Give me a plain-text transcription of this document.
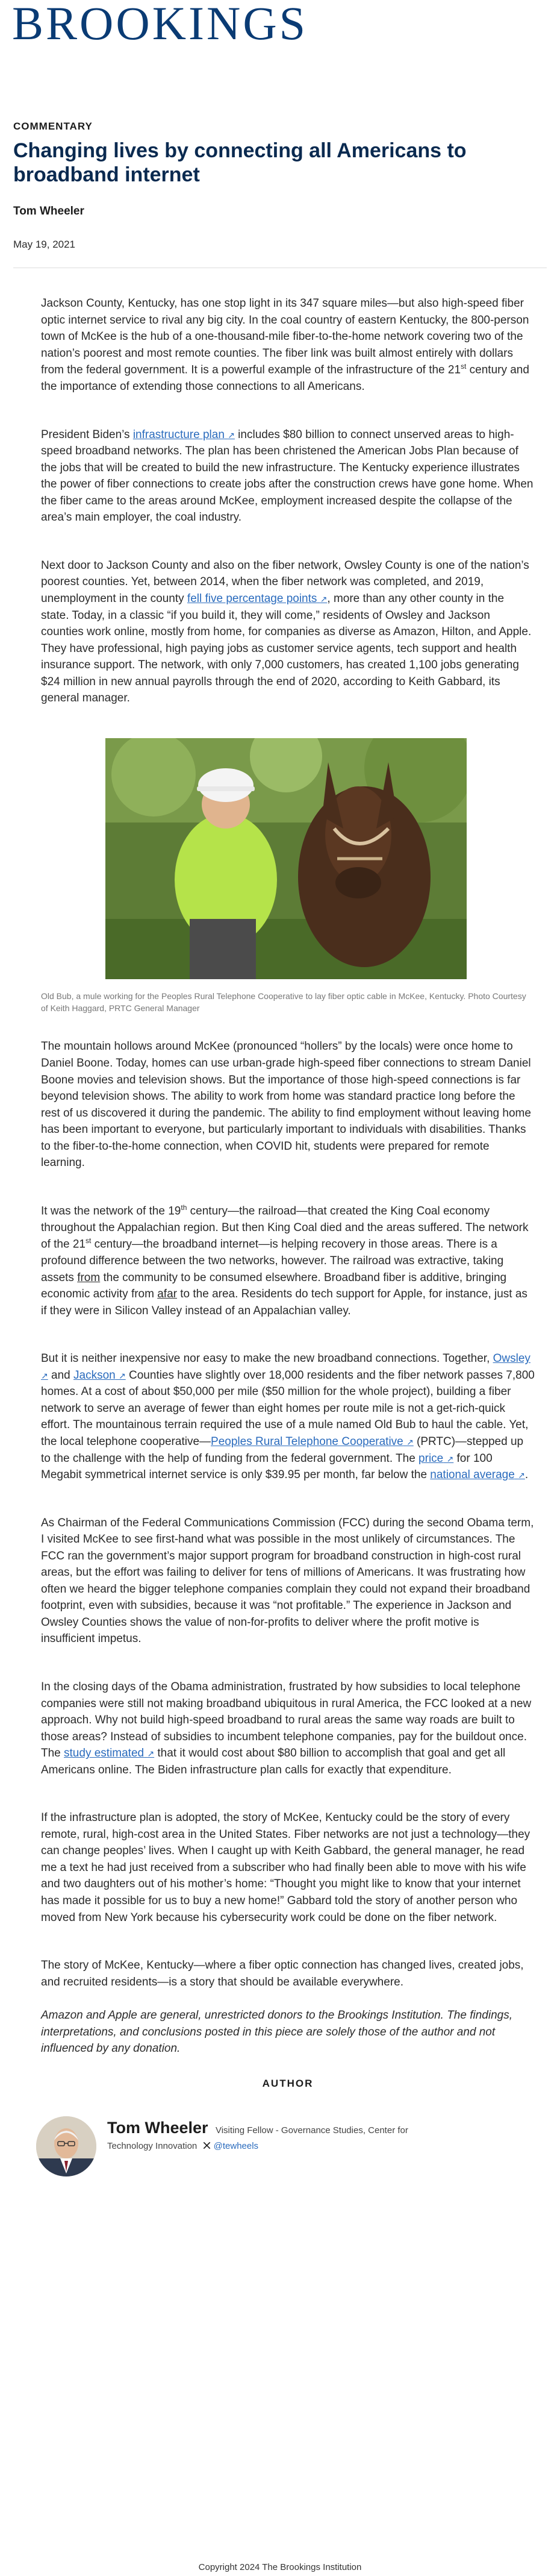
BROOKINGS
COMMENTARY
Changing lives by connecting all Americans to broadband internet
Tom Wheeler
May 19, 2021

Jackson County, Kentucky, has one stop light in its 347 square miles—but also high-speed fiber optic internet service to rival any big city. In the coal country of eastern Kentucky, the 800-person town of McKee is the hub of a one-thousand-mile fiber-to-the-home network covering two of the nation’s poorest and most remote counties. The fiber link was built almost entirely with dollars from the federal government. It is a powerful example of the infrastructure of the 21st century and the importance of extending those connections to all Americans.

President Biden’s infrastructure plan ↗ includes $80 billion to connect unserved areas to high-speed broadband networks. The plan has been christened the American Jobs Plan because of the jobs that will be created to build the new infrastructure. The Kentucky experience illustrates the power of fiber connections to create jobs after the construction crews have gone home. When the fiber came to the areas around McKee, employment increased despite the collapse of the area’s main employer, the coal industry.

Next door to Jackson County and also on the fiber network, Owsley County is one of the nation’s poorest counties. Yet, between 2014, when the fiber network was completed, and 2019, unemployment in the county fell five percentage points ↗, more than any other county in the state. Today, in a classic “if you build it, they will come,” residents of Owsley and Jackson counties work online, mostly from home, for companies as diverse as Amazon, Hilton, and Apple. They have professional, high paying jobs as customer service agents, tech support and health insurance support. The network, with only 7,000 customers, has created 1,100 jobs generating $24 million in new annual payrolls through the end of 2020, according to Keith Gabbard, its general manager.

Old Bub, a mule working for the Peoples Rural Telephone Cooperative to lay fiber optic cable in McKee, Kentucky. Photo Courtesy of Keith Haggard, PRTC General Manager

The mountain hollows around McKee (pronounced “hollers” by the locals) were once home to Daniel Boone. Today, homes can use urban-grade high-speed fiber connections to stream Daniel Boone movies and television shows. But the importance of those high-speed connections is far beyond television shows. The ability to work from home was standard practice long before the rest of us discovered it during the pandemic. The ability to find employment without leaving home has been important to everyone, but particularly important to individuals with disabilities. Thanks to the fiber-to-the-home connection, when COVID hit, students were prepared for remote learning.

It was the network of the 19th century—the railroad—that created the King Coal economy throughout the Appalachian region. But then King Coal died and the areas suffered. The network of the 21st century—the broadband internet—is helping recovery in those areas. There is a profound difference between the two networks, however. The railroad was extractive, taking assets from the community to be consumed elsewhere. Broadband fiber is additive, bringing economic activity from afar to the area. Residents do tech support for Apple, for instance, just as if they were in Silicon Valley instead of an Appalachian valley.

But it is neither inexpensive nor easy to make the new broadband connections. Together, Owsley ↗ and Jackson ↗ Counties have slightly over 18,000 residents and the fiber network passes 7,800 homes. At a cost of about $50,000 per mile ($50 million for the whole project), building a fiber network to serve an average of fewer than eight homes per route mile is not a get-rich-quick effort. The mountainous terrain required the use of a mule named Old Bub to haul the cable. Yet, the local telephone cooperative—Peoples Rural Telephone Cooperative ↗ (PRTC)—stepped up to the challenge with the help of funding from the federal government. The price ↗ for 100 Megabit symmetrical internet service is only $39.95 per month, far below the national average ↗.

As Chairman of the Federal Communications Commission (FCC) during the second Obama term, I visited McKee to see first-hand what was possible in the most unlikely of circumstances. The FCC ran the government’s major support program for broadband construction in high-cost rural areas, but the effort was failing to deliver for tens of millions of Americans. It was frustrating how often we heard the bigger telephone companies complain they could not expand their broadband footprint, even with subsidies, because it was “not profitable.” The experience in Jackson and Owsley Counties shows the value of non-for-profits to deliver where the profit motive is insufficient impetus.

In the closing days of the Obama administration, frustrated by how subsidies to local telephone companies were still not making broadband ubiquitous in rural America, the FCC looked at a new approach. Why not build high-speed broadband to rural areas the same way roads are built to those areas? Instead of subsidies to incumbent telephone companies, pay for the buildout once. The study estimated ↗ that it would cost about $80 billion to accomplish that goal and get all Americans online. The Biden infrastructure plan calls for exactly that expenditure.

If the infrastructure plan is adopted, the story of McKee, Kentucky could be the story of every remote, rural, high-cost area in the United States. Fiber networks are not just a technology—they can change peoples’ lives. When I caught up with Keith Gabbard, the general manager, he read me a text he had just received from a subscriber who had finally been able to move with his wife and two daughters out of his mother’s home: “Thought you might like to know that your internet has made it possible for us to buy a new home!” Gabbard told the story of another person who moved from New York because his cybersecurity work could be done on the fiber network.

The story of McKee, Kentucky—where a fiber optic connection has changed lives, created jobs, and recruited residents—is a story that should be available everywhere.

Amazon and Apple are general, unrestricted donors to the Brookings Institution. The findings, interpretations, and conclusions posted in this piece are solely those of the author and not influenced by any donation.

AUTHOR
Tom Wheeler Visiting Fellow - Governance Studies, Center for
Technology Innovation @tewheels
Copyright 2024 The Brookings Institution
